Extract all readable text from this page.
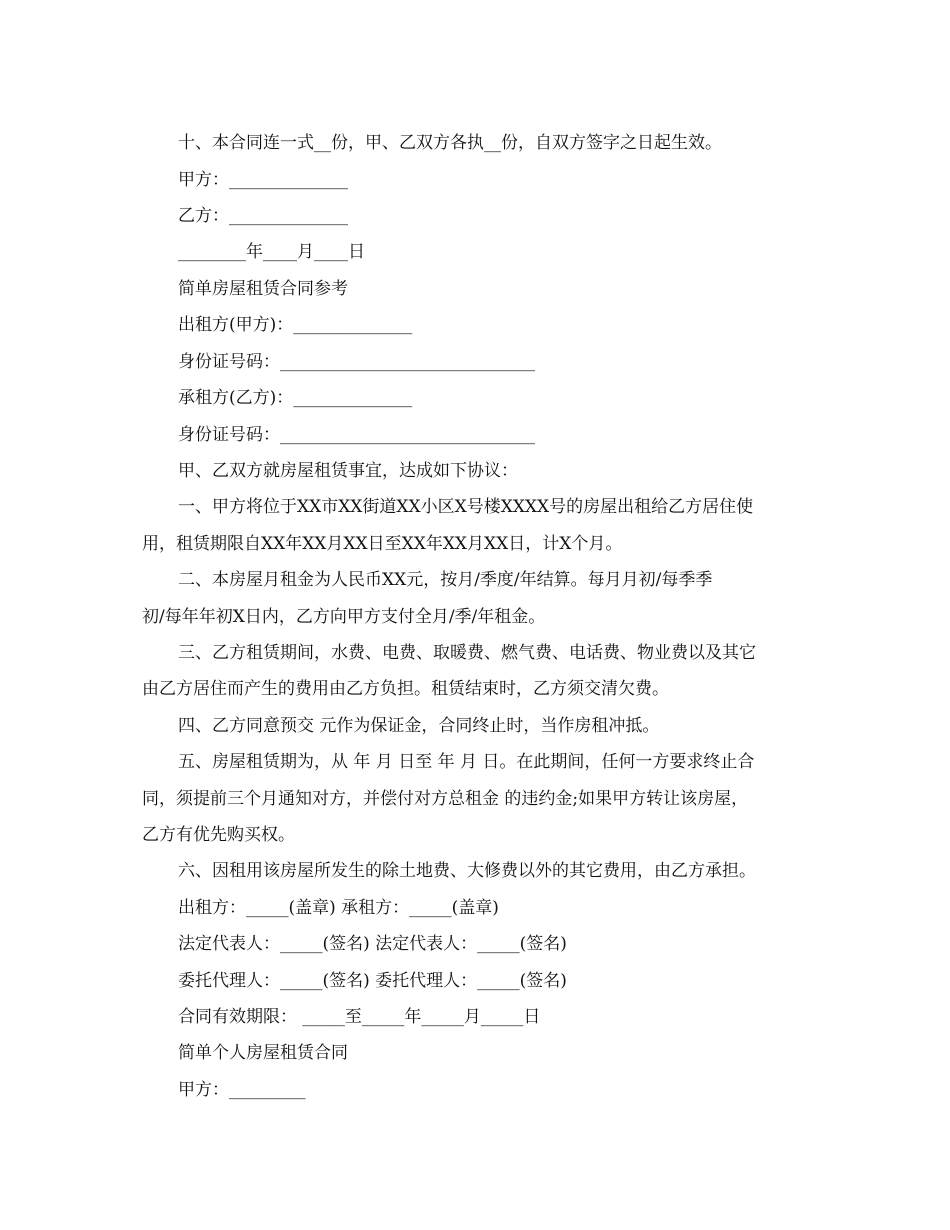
十、本合同连一式__份，甲、乙双方各执__份，自双方签字之日起生效。
甲方：______________
乙方：______________
________年____月____日
简单房屋租赁合同参考
出租方(甲方)：______________
身份证号码：______________________________
承租方(乙方)：______________
身份证号码：______________________________
甲、乙双方就房屋租赁事宜，达成如下协议：
一、甲方将位于XX市XX街道XX小区X号楼XXXX号的房屋出租给乙方居住使
用，租赁期限自XX年XX月XX日至XX年XX月XX日，计X个月。
二、本房屋月租金为人民币XX元，按月/季度/年结算。每月月初/每季季
初/每年年初X日内，乙方向甲方支付全月/季/年租金。
三、乙方租赁期间，水费、电费、取暖费、燃气费、电话费、物业费以及其它
由乙方居住而产生的费用由乙方负担。租赁结束时，乙方须交清欠费。
四、乙方同意预交 元作为保证金，合同终止时，当作房租冲抵。
五、房屋租赁期为，从 年 月 日至 年 月 日。在此期间，任何一方要求终止合
同，须提前三个月通知对方，并偿付对方总租金 的违约金;如果甲方转让该房屋，
乙方有优先购买权。
六、因租用该房屋所发生的除土地费、大修费以外的其它费用，由乙方承担。
出租方：_____(盖章) 承租方：_____(盖章)
法定代表人：_____(签名) 法定代表人：_____(签名)
委托代理人：_____(签名) 委托代理人：_____(签名)
合同有效期限： _____至_____年_____月_____日
简单个人房屋租赁合同
甲方：_________
